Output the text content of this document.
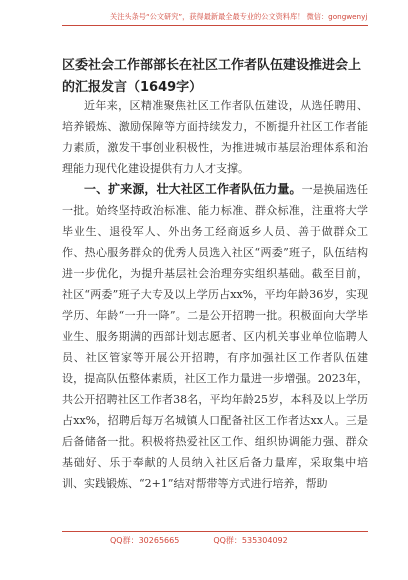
关注头条号“公文研究”，获得最新最全最专业的公文资料库！ 微信：gongwenyj
区委社会工作部部长在社区工作者队伍建设推进会上的汇报发言（1649字）

近年来，区精准聚焦社区工作者队伍建设，从选任聘用、培养锻炼、激励保障等方面持续发力，不断提升社区工作者能力素质，激发干事创业积极性，为推进城市基层治理体系和治理能力现代化建设提供有力人才支撑。

一、扩来源，壮大社区工作者队伍力量。一是换届选任一批。始终坚持政治标准、能力标准、群众标准，注重将大学毕业生、退役军人、外出务工经商返乡人员、善于做群众工作、热心服务群众的优秀人员选入社区“两委”班子，队伍结构进一步优化，为提升基层社会治理夯实组织基础。截至目前，社区“两委”班子大专及以上学历占xx%，平均年龄36岁，实现学历、年龄“一升一降”。二是公开招聘一批。积极面向大学毕业生、服务期满的西部计划志愿者、区内机关事业单位临聘人员、社区管家等开展公开招聘，有序加强社区工作者队伍建设，提高队伍整体素质，社区工作力量进一步增强。2023年，共公开招聘社区工作者38名，平均年龄25岁，本科及以上学历占xx%，招聘后每万名城镇人口配备社区工作者达xx人。三是后备储备一批。积极将热爱社区工作、组织协调能力强、群众基础好、乐于奉献的人员纳入社区后备力量库，采取集中培训、实践锻炼、“2+1”结对帮带等方式进行培养，帮助

QQ群：30265665	QQ群：535304092
